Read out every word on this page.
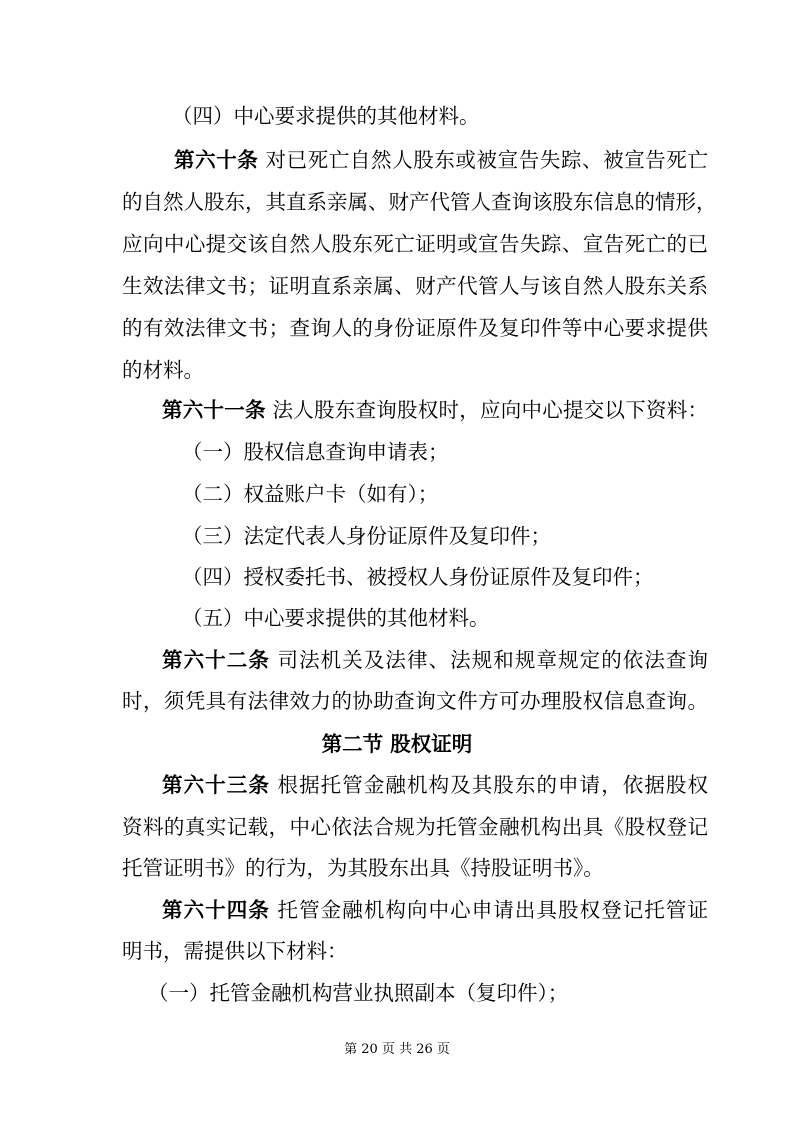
（四）中心要求提供的其他材料。

第六十条 对已死亡自然人股东或被宣告失踪、被宣告死亡

的自然人股东，其直系亲属、财产代管人查询该股东信息的情形，

应向中心提交该自然人股东死亡证明或宣告失踪、宣告死亡的已

生效法律文书；证明直系亲属、财产代管人与该自然人股东关系

的有效法律文书；查询人的身份证原件及复印件等中心要求提供

的材料。

第六十一条 法人股东查询股权时，应向中心提交以下资料：

（一）股权信息查询申请表；

（二）权益账户卡（如有）；

（三）法定代表人身份证原件及复印件；

（四）授权委托书、被授权人身份证原件及复印件；

（五）中心要求提供的其他材料。

第六十二条 司法机关及法律、法规和规章规定的依法查询

时，须凭具有法律效力的协助查询文件方可办理股权信息查询。

第二节 股权证明
第六十三条 根据托管金融机构及其股东的申请，依据股权

资料的真实记载，中心依法合规为托管金融机构出具《股权登记

托管证明书》的行为，为其股东出具《持股证明书》。

第六十四条 托管金融机构向中心申请出具股权登记托管证

明书，需提供以下材料：

（一）托管金融机构营业执照副本（复印件）；

第 20 页 共 26 页
